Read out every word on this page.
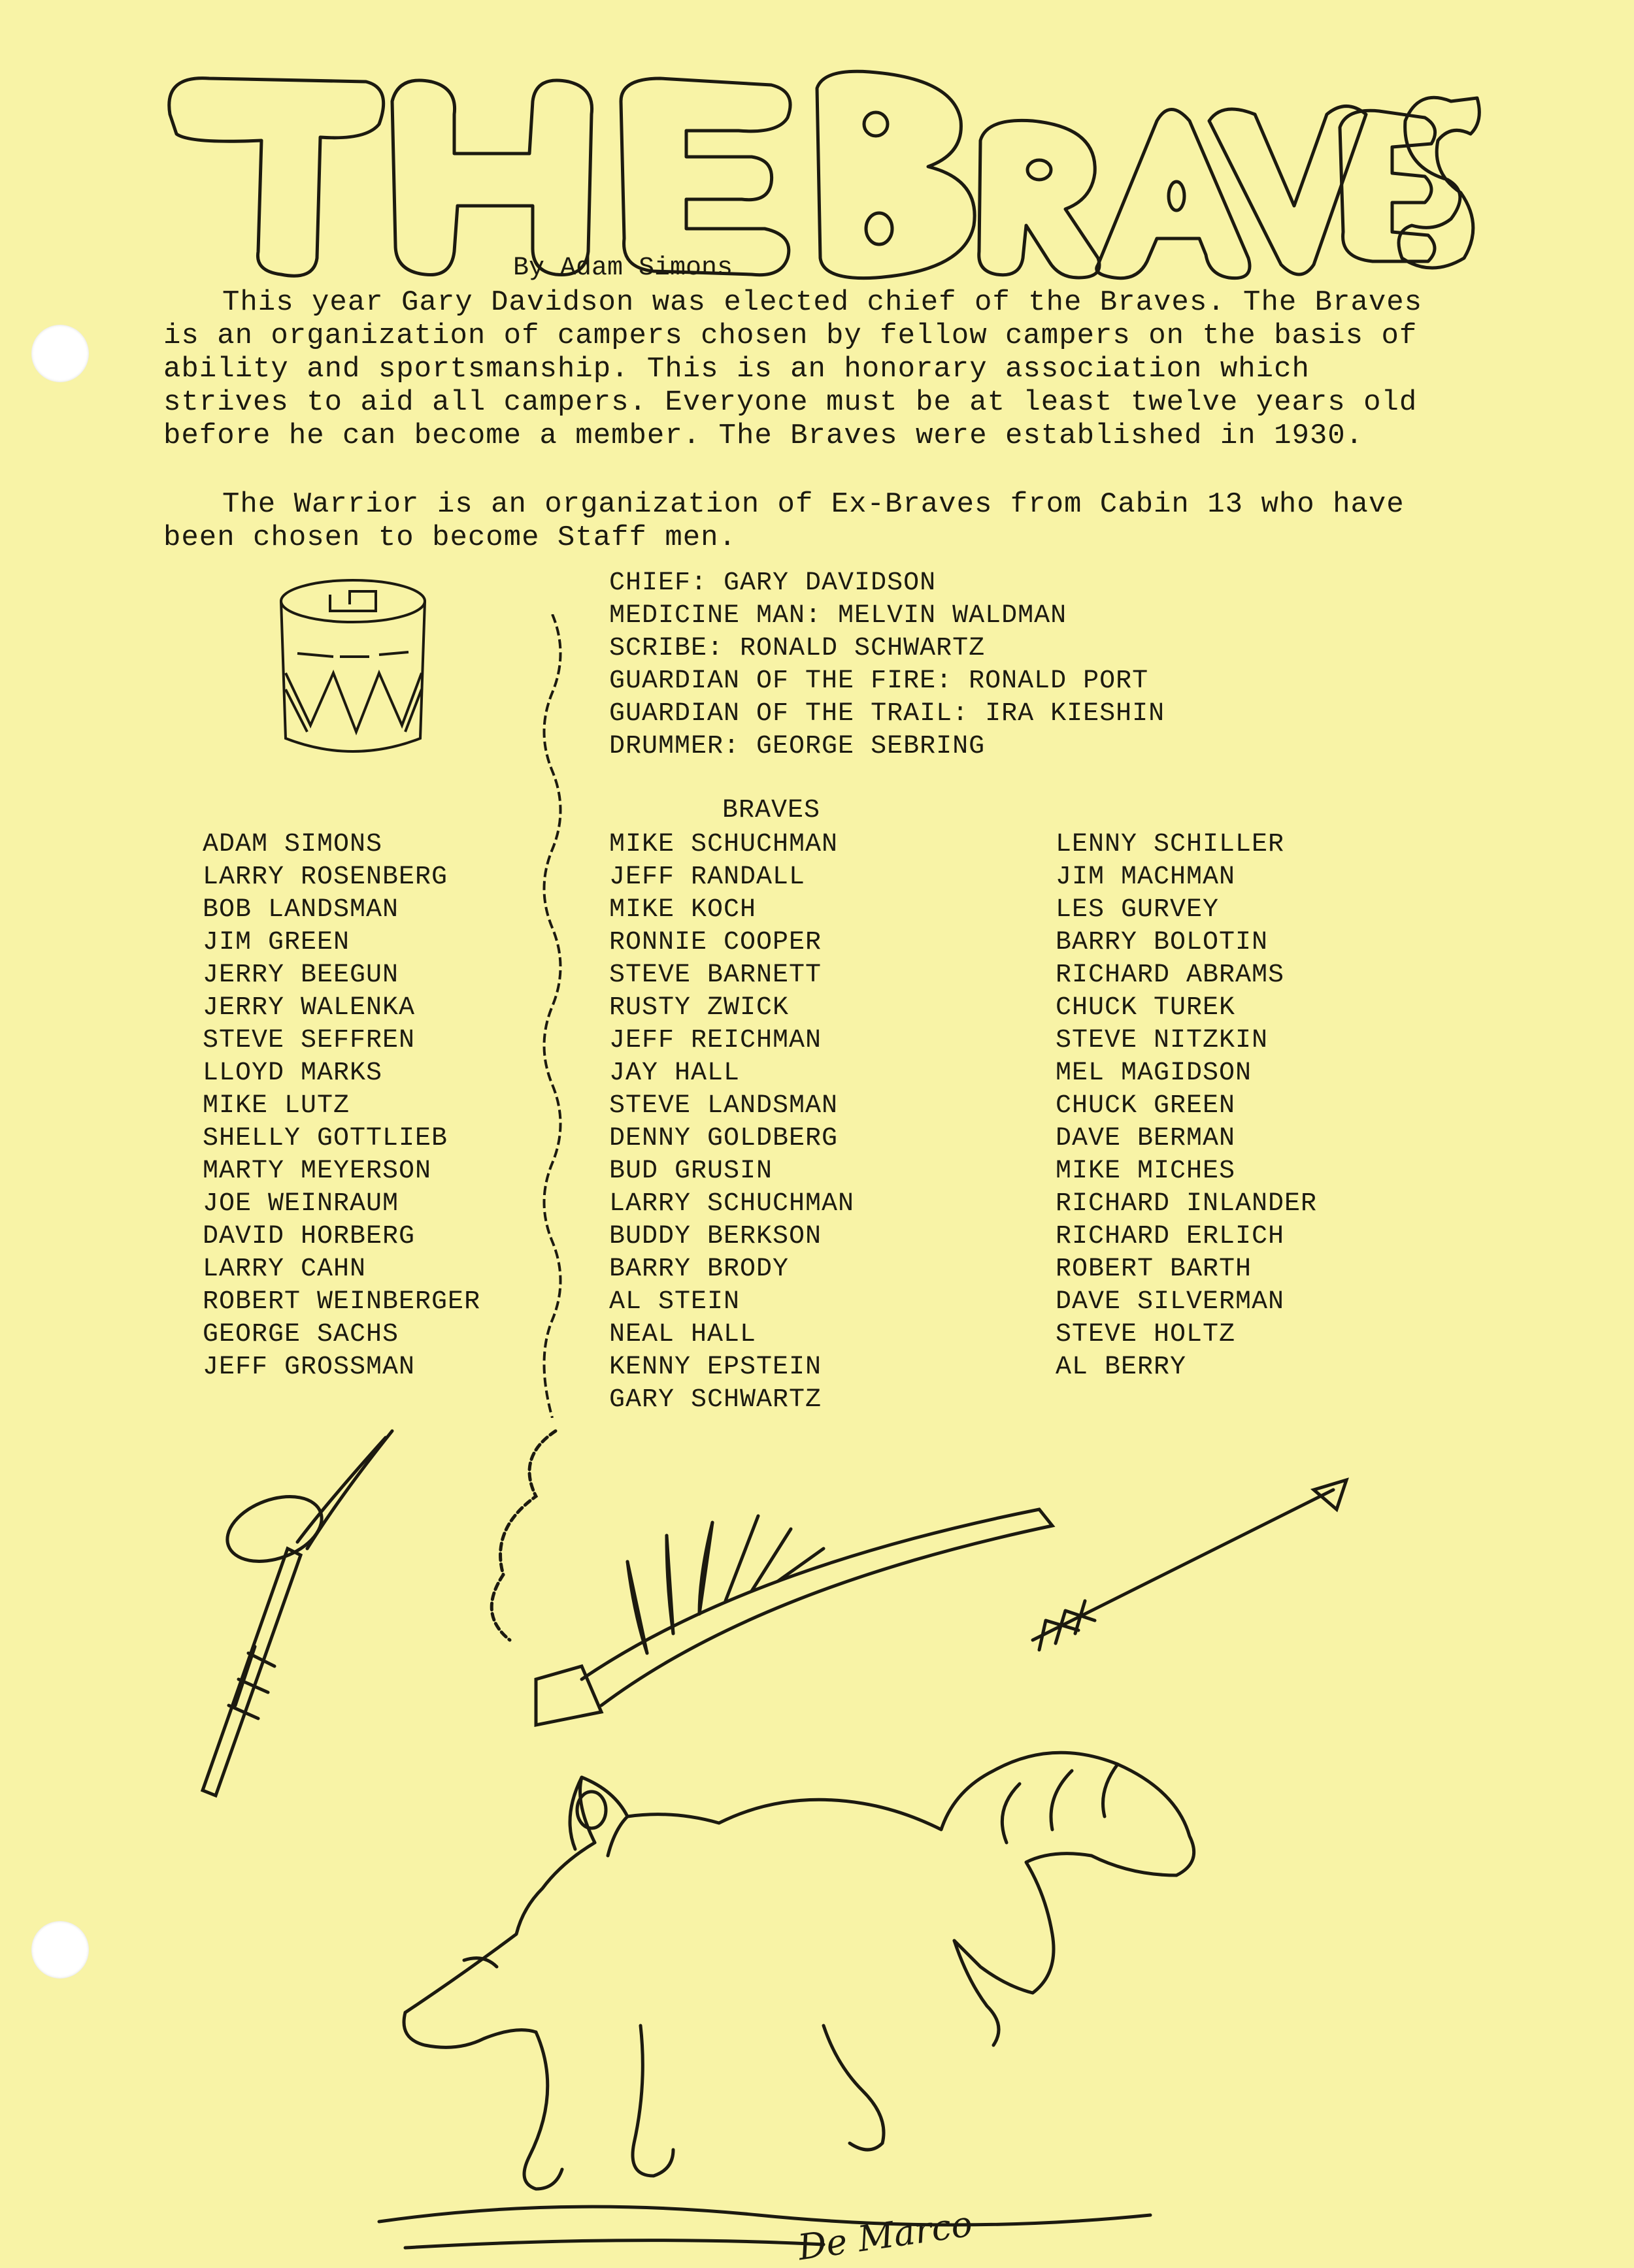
By Adam Simons

This year Gary Davidson was elected chief of the Braves. The Braves is an organization of campers chosen by fellow campers on the basis of ability and sportsmanship. This is an honorary association which strives to aid all campers. Everyone must be at least twelve years old before he can become a member. The Braves were established in 1930.

The Warrior is an organization of Ex-Braves from Cabin 13 who have been chosen to become Staff men.

CHIEF: GARY DAVIDSON
MEDICINE MAN: MELVIN WALDMAN
SCRIBE: RONALD SCHWARTZ
GUARDIAN OF THE FIRE: RONALD PORT
GUARDIAN OF THE TRAIL: IRA KIESHIN
DRUMMER: GEORGE SEBRING
BRAVES
ADAM SIMONS
LARRY ROSENBERG
BOB LANDSMAN
JIM GREEN
JERRY BEEGUN
JERRY WALENKA
STEVE SEFFREN
LLOYD MARKS
MIKE LUTZ
SHELLY GOTTLIEB
MARTY MEYERSON
JOE WEINRAUM
DAVID HORBERG
LARRY CAHN
ROBERT WEINBERGER
GEORGE SACHS
JEFF GROSSMAN
MIKE SCHUCHMAN
JEFF RANDALL
MIKE KOCH
RONNIE COOPER
STEVE BARNETT
RUSTY ZWICK
JEFF REICHMAN
JAY HALL
STEVE LANDSMAN
DENNY GOLDBERG
BUD GRUSIN
LARRY SCHUCHMAN
BUDDY BERKSON
BARRY BRODY
AL STEIN
NEAL HALL
KENNY EPSTEIN
GARY SCHWARTZ
LENNY SCHILLER
JIM MACHMAN
LES GURVEY
BARRY BOLOTIN
RICHARD ABRAMS
CHUCK TUREK
STEVE NITZKIN
MEL MAGIDSON
CHUCK GREEN
DAVE BERMAN
MIKE MICHES
RICHARD INLANDER
RICHARD ERLICH
ROBERT BARTH
DAVE SILVERMAN
STEVE HOLTZ
AL BERRY
De Marco
